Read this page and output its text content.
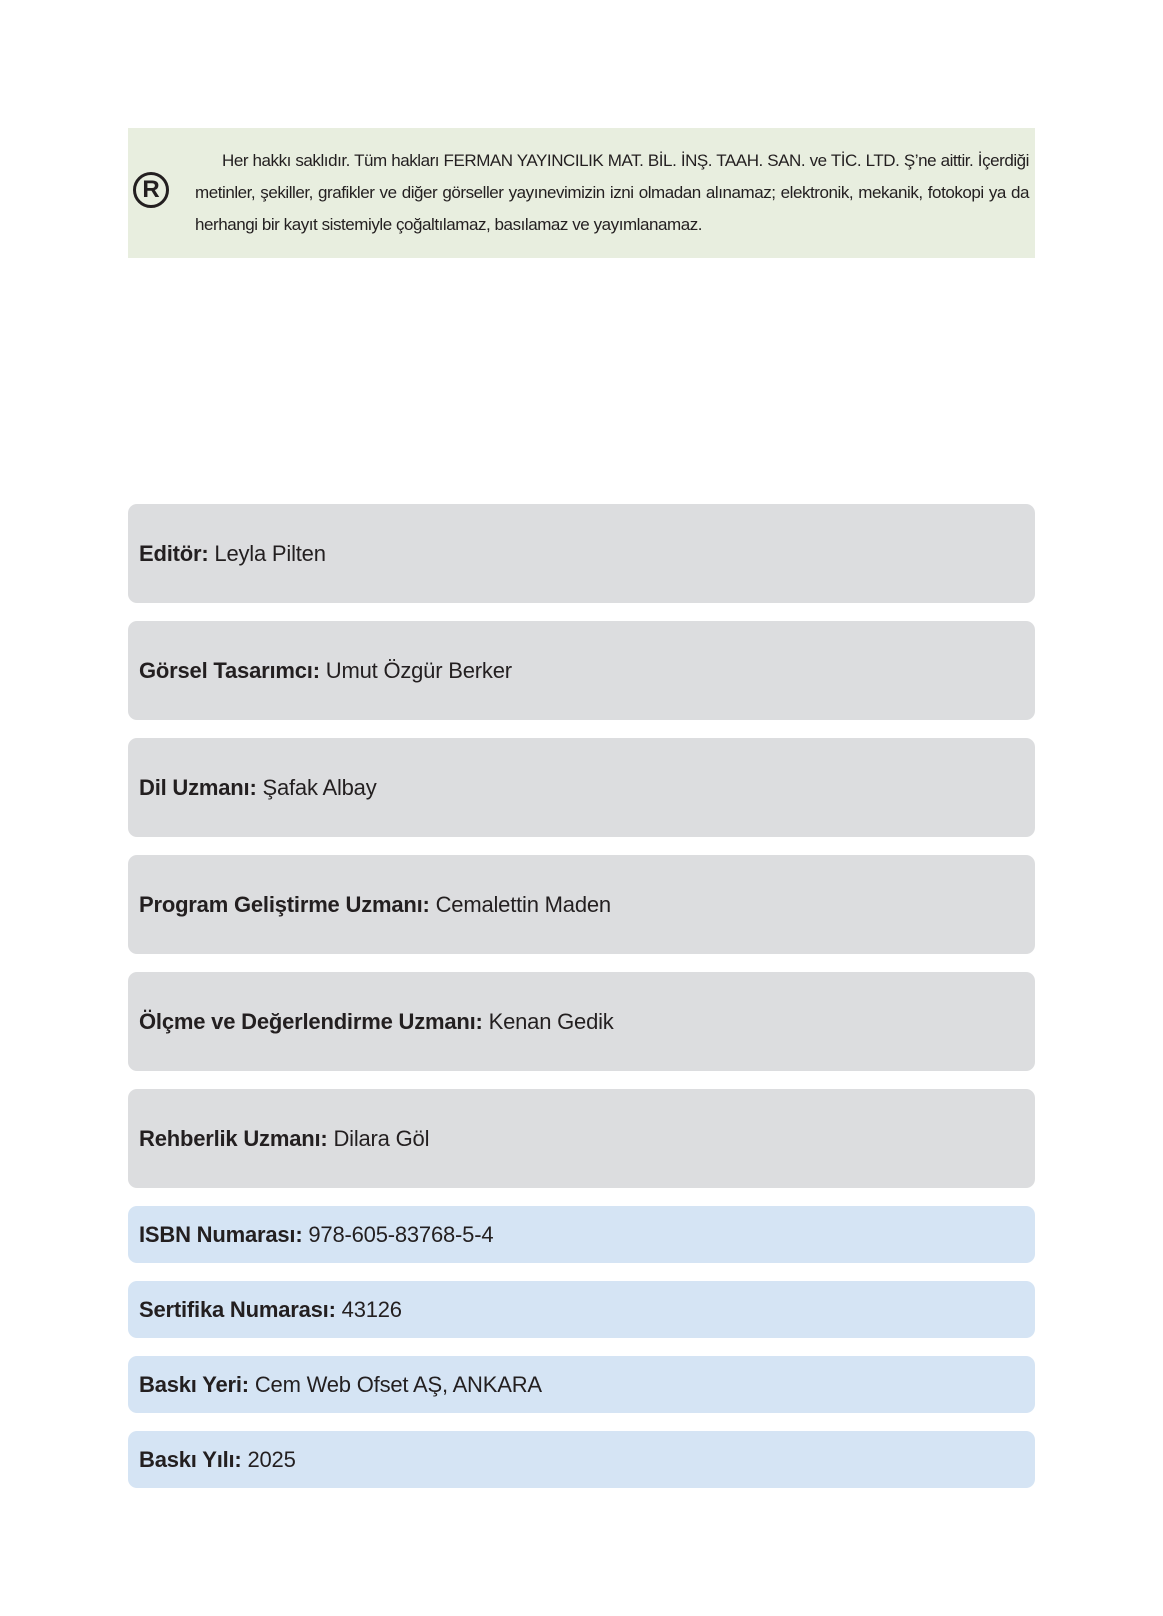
R

Her hakkı saklıdır. Tüm hakları FERMAN YAYINCILIK MAT. BİL. İNŞ. TAAH. SAN. ve TİC. LTD. Ş’ne aittir. İçerdiği metinler, şekiller, grafikler ve diğer görseller yayınevimizin izni olmadan alınamaz; elektronik, mekanik, fotokopi ya da herhangi bir kayıt sistemiyle çoğaltılamaz, basılamaz ve yayımlanamaz.

Editör: Leyla Pilten
Görsel Tasarımcı: Umut Özgür Berker
Dil Uzmanı: Şafak Albay
Program Geliştirme Uzmanı: Cemalettin Maden
Ölçme ve Değerlendirme Uzmanı: Kenan Gedik
Rehberlik Uzmanı: Dilara Göl
ISBN Numarası: 978-605-83768-5-4
Sertifika Numarası: 43126
Baskı Yeri: Cem Web Ofset AŞ, ANKARA
Baskı Yılı: 2025
